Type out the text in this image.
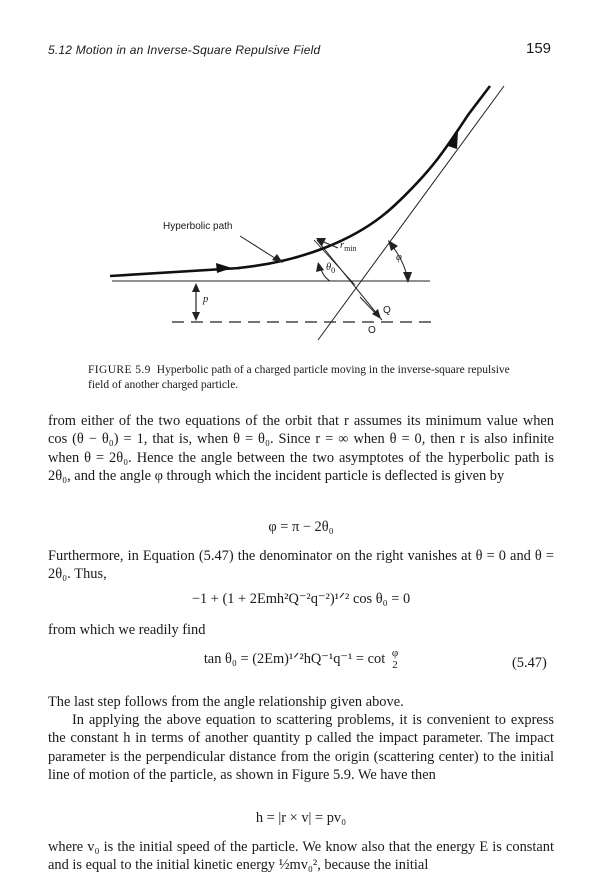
5.12 Motion in an Inverse-Square Repulsive Field	159
Hyperbolic path
$r_{min}$
$\theta_0$
φ
p
Q
O
FIGURE 5.9 Hyperbolic path of a charged particle moving in the inverse-square repulsive field of another charged particle.
from either of the two equations of the orbit that r assumes its minimum value when cos (θ − θ₀) = 1, that is, when θ = θ₀. Since r = ∞ when θ = 0, then r is also infinite when θ = 2θ₀. Hence the angle between the two asymptotes of the hyperbolic path is 2θ₀, and the angle φ through which the incident particle is deflected is given by
φ = π − 2θ₀
Furthermore, in Equation (5.47) the denominator on the right vanishes at θ = 0 and θ = 2θ₀. Thus,
−1 + (1 + 2Emh²Q⁻²q⁻²)¹ᐟ² cos θ₀ = 0
from which we readily find
tan θ₀ = (2Em)¹ᐟ²hQ⁻¹q⁻¹ = cot φ
2	(5.47)
The last step follows from the angle relationship given above.
In applying the above equation to scattering problems, it is convenient to express the constant h in terms of another quantity p called the impact parameter. The impact parameter is the perpendicular distance from the origin (scattering center) to the initial line of motion of the particle, as shown in Figure 5.9. We have then
h = |r × v| = pv₀
where v₀ is the initial speed of the particle. We know also that the energy E is constant and is equal to the initial kinetic energy ½mv₀², because the initial
